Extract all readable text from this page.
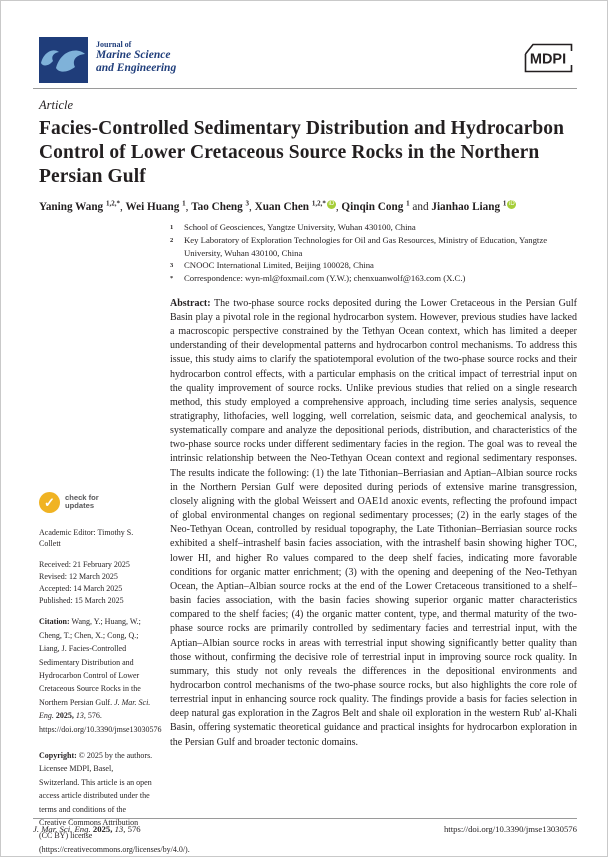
Journal of
Marine Science
and Engineering
MDPI
Article
Facies-Controlled Sedimentary Distribution and Hydrocarbon Control of Lower Cretaceous Source Rocks in the Northern Persian Gulf
Yaning Wang $^{1,2,*}$, Wei Huang $^1$, Tao Cheng $^3$, Xuan Chen $^{1,2,*}$ iD , Qinqin Cong $^1$ and Jianhao Liang $^1$ iD
✓	check for
updates
Academic Editor: Timothy S. Collett
Received: 21 February 2025
Revised: 12 March 2025
Accepted: 14 March 2025
Published: 15 March 2025
Citation: Wang, Y.; Huang, W.; Cheng, T.; Chen, X.; Cong, Q.; Liang, J. Facies-Controlled Sedimentary Distribution and Hydrocarbon Control of Lower Cretaceous Source Rocks in the Northern Persian Gulf. J. Mar. Sci. Eng. 2025, 13, 576. https://doi.org/10.3390/jmse13030576
Copyright: © 2025 by the authors. Licensee MDPI, Basel, Switzerland. This article is an open access article distributed under the terms and conditions of the Creative Commons Attribution (CC BY) license (https://creativecommons.org/licenses/by/4.0/).
1	School of Geosciences, Yangtze University, Wuhan 430100, China
2	Key Laboratory of Exploration Technologies for Oil and Gas Resources, Ministry of Education, Yangtze University, Wuhan 430100, China
3	CNOOC International Limited, Beijing 100028, China
*	Correspondence: wyn-ml@foxmail.com (Y.W.); chenxuanwolf@163.com (X.C.)
Abstract: The two-phase source rocks deposited during the Lower Cretaceous in the Persian Gulf Basin play a pivotal role in the regional hydrocarbon system. However, previous studies have lacked a macroscopic perspective constrained by the Tethyan Ocean context, which has limited a deeper understanding of their developmental patterns and hydrocarbon control mechanisms. To address this issue, this study aims to clarify the spatiotemporal evolution of the two-phase source rocks and their hydrocarbon control effects, with a particular emphasis on the critical impact of terrestrial input on the quality improvement of source rocks. Unlike previous studies that relied on a single research method, this study employed a comprehensive approach, including time series analysis, sequence stratigraphy, lithofacies, well logging, well correlation, seismic data, and geochemical analysis, to systematically compare and analyze the depositional periods, distribution, and characteristics of the two-phase source rocks under different sedimentary facies in the region. The goal was to reveal the intrinsic relationship between the Neo-Tethyan Ocean context and regional sedimentary responses. The results indicate the following: (1) the late Tithonian–Berriasian and Aptian–Albian source rocks in the Northern Persian Gulf were deposited during periods of extensive marine transgression, closely aligning with the global Weissert and OAE1d anoxic events, reflecting the profound impact of global environmental changes on regional sedimentary processes; (2) in the early stages of the Neo-Tethyan Ocean, controlled by residual topography, the Late Tithonian–Berriasian source rocks exhibited a shelf–intrashelf basin facies association, with the intrashelf basin showing higher TOC, lower HI, and higher Ro values compared to the deep shelf facies, indicating more favorable conditions for organic matter enrichment; (3) with the opening and deepening of the Neo-Tethyan Ocean, the Aptian–Albian source rocks at the end of the Lower Cretaceous transitioned to a shelf–basin facies association, with the basin facies showing superior organic matter characteristics compared to the shelf facies; (4) the organic matter content, type, and thermal maturity of the two-phase source rocks are primarily controlled by sedimentary facies and terrestrial input, with the Aptian–Albian source rocks in areas with terrestrial input showing significantly better quality than those without, confirming the decisive role of terrestrial input in improving source rock quality. In summary, this study not only reveals the differences in the depositional environments and hydrocarbon control mechanisms of the two-phase source rocks, but also highlights the core role of terrestrial input in enhancing source rock quality. The findings provide a basis for facies selection in deep natural gas exploration in the Zagros Belt and shale oil exploration in the western Rub' al-Khali Basin, offering systematic theoretical guidance and practical insights for hydrocarbon exploration in the Persian Gulf and broader tectonic domains.
J. Mar. Sci. Eng. 2025, 13, 576	https://doi.org/10.3390/jmse13030576
